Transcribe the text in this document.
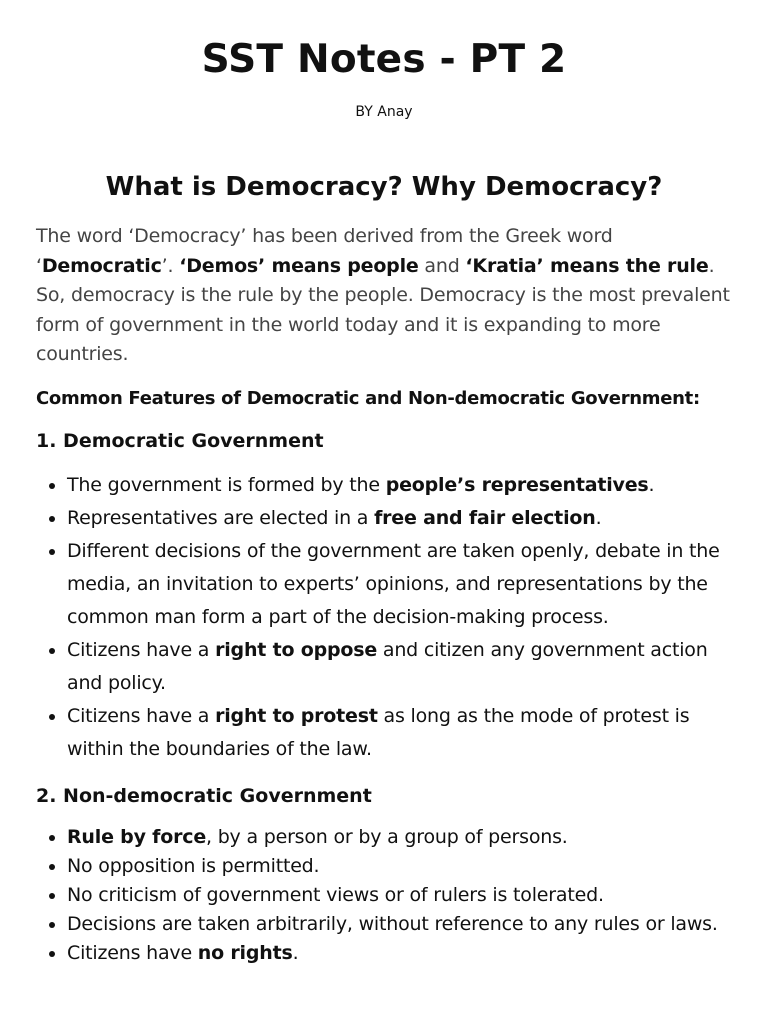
SST Notes - PT 2

BY Anay

What is Democracy? Why Democracy?

The word ‘Democracy’ has been derived from the Greek word ‘Democratic’. ‘Demos’ means people and ‘Kratia’ means the rule. So, democracy is the rule by the people. Democracy is the most prevalent form of government in the world today and it is expanding to more countries.

Common Features of Democratic and Non-democratic Government:

1. Democratic Government

• The government is formed by the people’s representatives.
• Representatives are elected in a free and fair election.
• Different decisions of the government are taken openly, debate in the media, an invitation to experts’ opinions, and representations by the common man form a part of the decision-making process.
• Citizens have a right to oppose and citizen any government action and policy.
• Citizens have a right to protest as long as the mode of protest is within the boundaries of the law.

2. Non-democratic Government

• Rule by force, by a person or by a group of persons.
• No opposition is permitted.
• No criticism of government views or of rulers is tolerated.
• Decisions are taken arbitrarily, without reference to any rules or laws.
• Citizens have no rights.
